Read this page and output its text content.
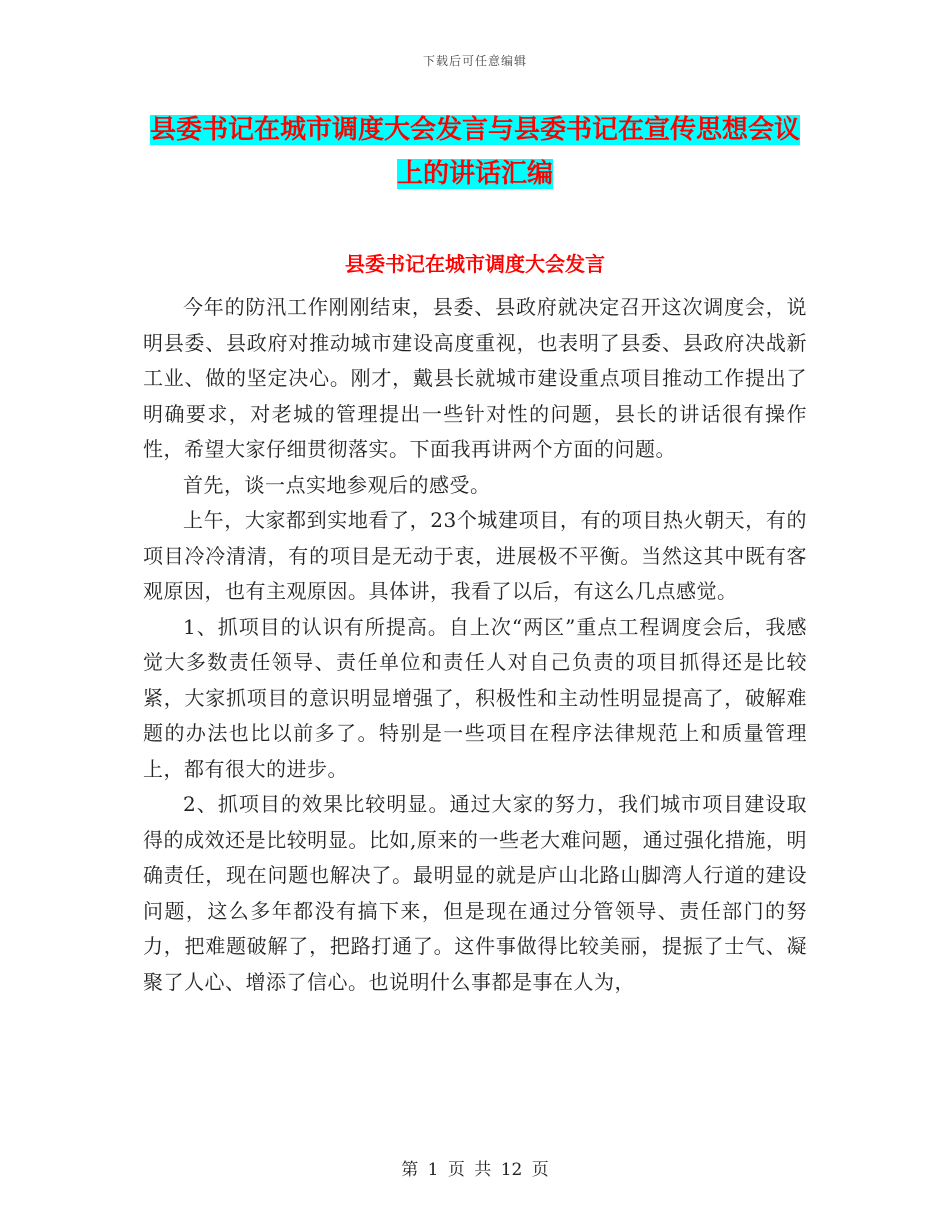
下载后可任意编辑
县委书记在城市调度大会发言与县委书记在宣传思想会议上的讲话汇编
县委书记在城市调度大会发言

今年的防汛工作刚刚结束，县委、县政府就决定召开这次调度会，说明县委、县政府对推动城市建设高度重视，也表明了县委、县政府决战新工业、做的坚定决心。刚才，戴县长就城市建设重点项目推动工作提出了明确要求，对老城的管理提出一些针对性的问题，县长的讲话很有操作性，希望大家仔细贯彻落实。下面我再讲两个方面的问题。

首先，谈一点实地参观后的感受。

上午，大家都到实地看了，23个城建项目，有的项目热火朝天，有的项目冷冷清清，有的项目是无动于衷，进展极不平衡。当然这其中既有客观原因，也有主观原因。具体讲，我看了以后，有这么几点感觉。

1、抓项目的认识有所提高。自上次“两区”重点工程调度会后，我感觉大多数责任领导、责任单位和责任人对自己负责的项目抓得还是比较紧，大家抓项目的意识明显增强了，积极性和主动性明显提高了，破解难题的办法也比以前多了。特别是一些项目在程序法律规范上和质量管理上，都有很大的进步。

2、抓项目的效果比较明显。通过大家的努力，我们城市项目建设取得的成效还是比较明显。比如,原来的一些老大难问题，通过强化措施，明确责任，现在问题也解决了。最明显的就是庐山北路山脚湾人行道的建设问题，这么多年都没有搞下来，但是现在通过分管领导、责任部门的努力，把难题破解了，把路打通了。这件事做得比较美丽，提振了士气、凝聚了人心、增添了信心。也说明什么事都是事在人为，

第 1 页 共 12 页
